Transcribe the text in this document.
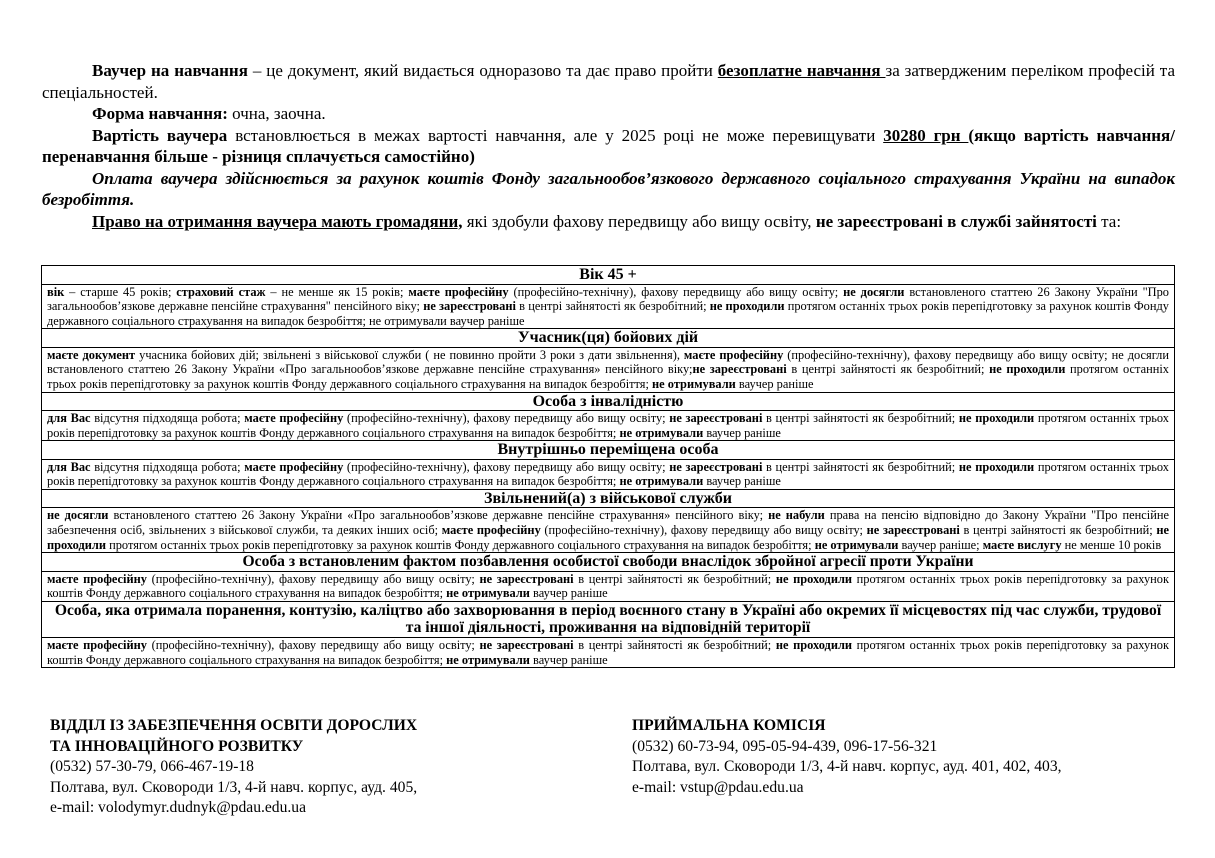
Ваучер на навчання – це документ, який видається одноразово та дає право пройти безоплатне навчання за затвердженим переліком професій та спеціальностей.

Форма навчання: очна, заочна.

Вартість ваучера встановлюється в межах вартості навчання, але у 2025 році не може перевищувати 30280 грн (якщо вартість навчання/перенавчання більше - різниця сплачується самостійно)

Оплата ваучера здійснюється за рахунок коштів Фонду загальнообов’язкового державного соціального страхування України на випадок безробіття.

Право на отримання ваучера мають громадяни, які здобули фахову передвищу або вищу освіту, не зареєстровані в службі зайнятості та:

Вік 45 +
вік – старше 45 років; страховий стаж – не менше як 15 років; маєте професійну (професійно-технічну), фахову передвищу або вищу освіту; не досягли встановленого статтею 26 Закону України "Про загальнообов’язкове державне пенсійне страхування" пенсійного віку; не зареєстровані в центрі зайнятості як безробітний; не проходили протягом останніх трьох років перепідготовку за рахунок коштів Фонду державного соціального страхування на випадок безробіття; не отримували ваучер раніше
Учасник(ця) бойових дій
маєте документ учасника бойових дій; звільнені з військової служби ( не повинно пройти 3 роки з дати звільнення), маєте професійну (професійно-технічну), фахову передвищу або вищу освіту; не досягли встановленого статтею 26 Закону України «Про загальнообов’язкове державне пенсійне страхування» пенсійного віку;не зареєстровані в центрі зайнятості як безробітний; не проходили протягом останніх трьох років перепідготовку за рахунок коштів Фонду державного соціального страхування на випадок безробіття; не отримували ваучер раніше
Особа з інвалідністю
для Вас відсутня підходяща робота; маєте професійну (професійно-технічну), фахову передвищу або вищу освіту; не зареєстровані в центрі зайнятості як безробітний; не проходили протягом останніх трьох років перепідготовку за рахунок коштів Фонду державного соціального страхування на випадок безробіття; не отримували ваучер раніше
Внутрішньо переміщена особа
для Вас відсутня підходяща робота; маєте професійну (професійно-технічну), фахову передвищу або вищу освіту; не зареєстровані в центрі зайнятості як безробітний; не проходили протягом останніх трьох років перепідготовку за рахунок коштів Фонду державного соціального страхування на випадок безробіття; не отримували ваучер раніше
Звільнений(а) з військової служби
не досягли встановленого статтею 26 Закону України «Про загальнообов’язкове державне пенсійне страхування» пенсійного віку; не набули права на пенсію відповідно до Закону України "Про пенсійне забезпечення осіб, звільнених з військової служби, та деяких інших осіб; маєте професійну (професійно-технічну), фахову передвищу або вищу освіту; не зареєстровані в центрі зайнятості як безробітний; не проходили протягом останніх трьох років перепідготовку за рахунок коштів Фонду державного соціального страхування на випадок безробіття; не отримували ваучер раніше; маєте вислугу не менше 10 років
Особа з встановленим фактом позбавлення особистої свободи внаслідок збройної агресії проти України
маєте професійну (професійно-технічну), фахову передвищу або вищу освіту; не зареєстровані в центрі зайнятості як безробітний; не проходили протягом останніх трьох років перепідготовку за рахунок коштів Фонду державного соціального страхування на випадок безробіття; не отримували ваучер раніше
Особа, яка отримала поранення, контузію, каліцтво або захворювання в період воєнного стану в Україні або окремих її місцевостях під час служби, трудової та іншої діяльності, проживання на відповідній території
маєте професійну (професійно-технічну), фахову передвищу або вищу освіту; не зареєстровані в центрі зайнятості як безробітний; не проходили протягом останніх трьох років перепідготовку за рахунок коштів Фонду державного соціального страхування на випадок безробіття; не отримували ваучер раніше
ВІДДІЛ ІЗ ЗАБЕЗПЕЧЕННЯ ОСВІТИ ДОРОСЛИХ
ТА ІННОВАЦІЙНОГО РОЗВИТКУ
(0532) 57-30-79, 066-467-19-18
Полтава, вул. Сковороди 1/3, 4-й навч. корпус, ауд. 405,
e-mail: volodymyr.dudnyk@pdau.edu.ua
ПРИЙМАЛЬНА КОМІСІЯ
(0532) 60-73-94, 095-05-94-439, 096-17-56-321
Полтава, вул. Сковороди 1/3, 4-й навч. корпус, ауд. 401, 402, 403,
e-mail: vstup@pdau.edu.ua
